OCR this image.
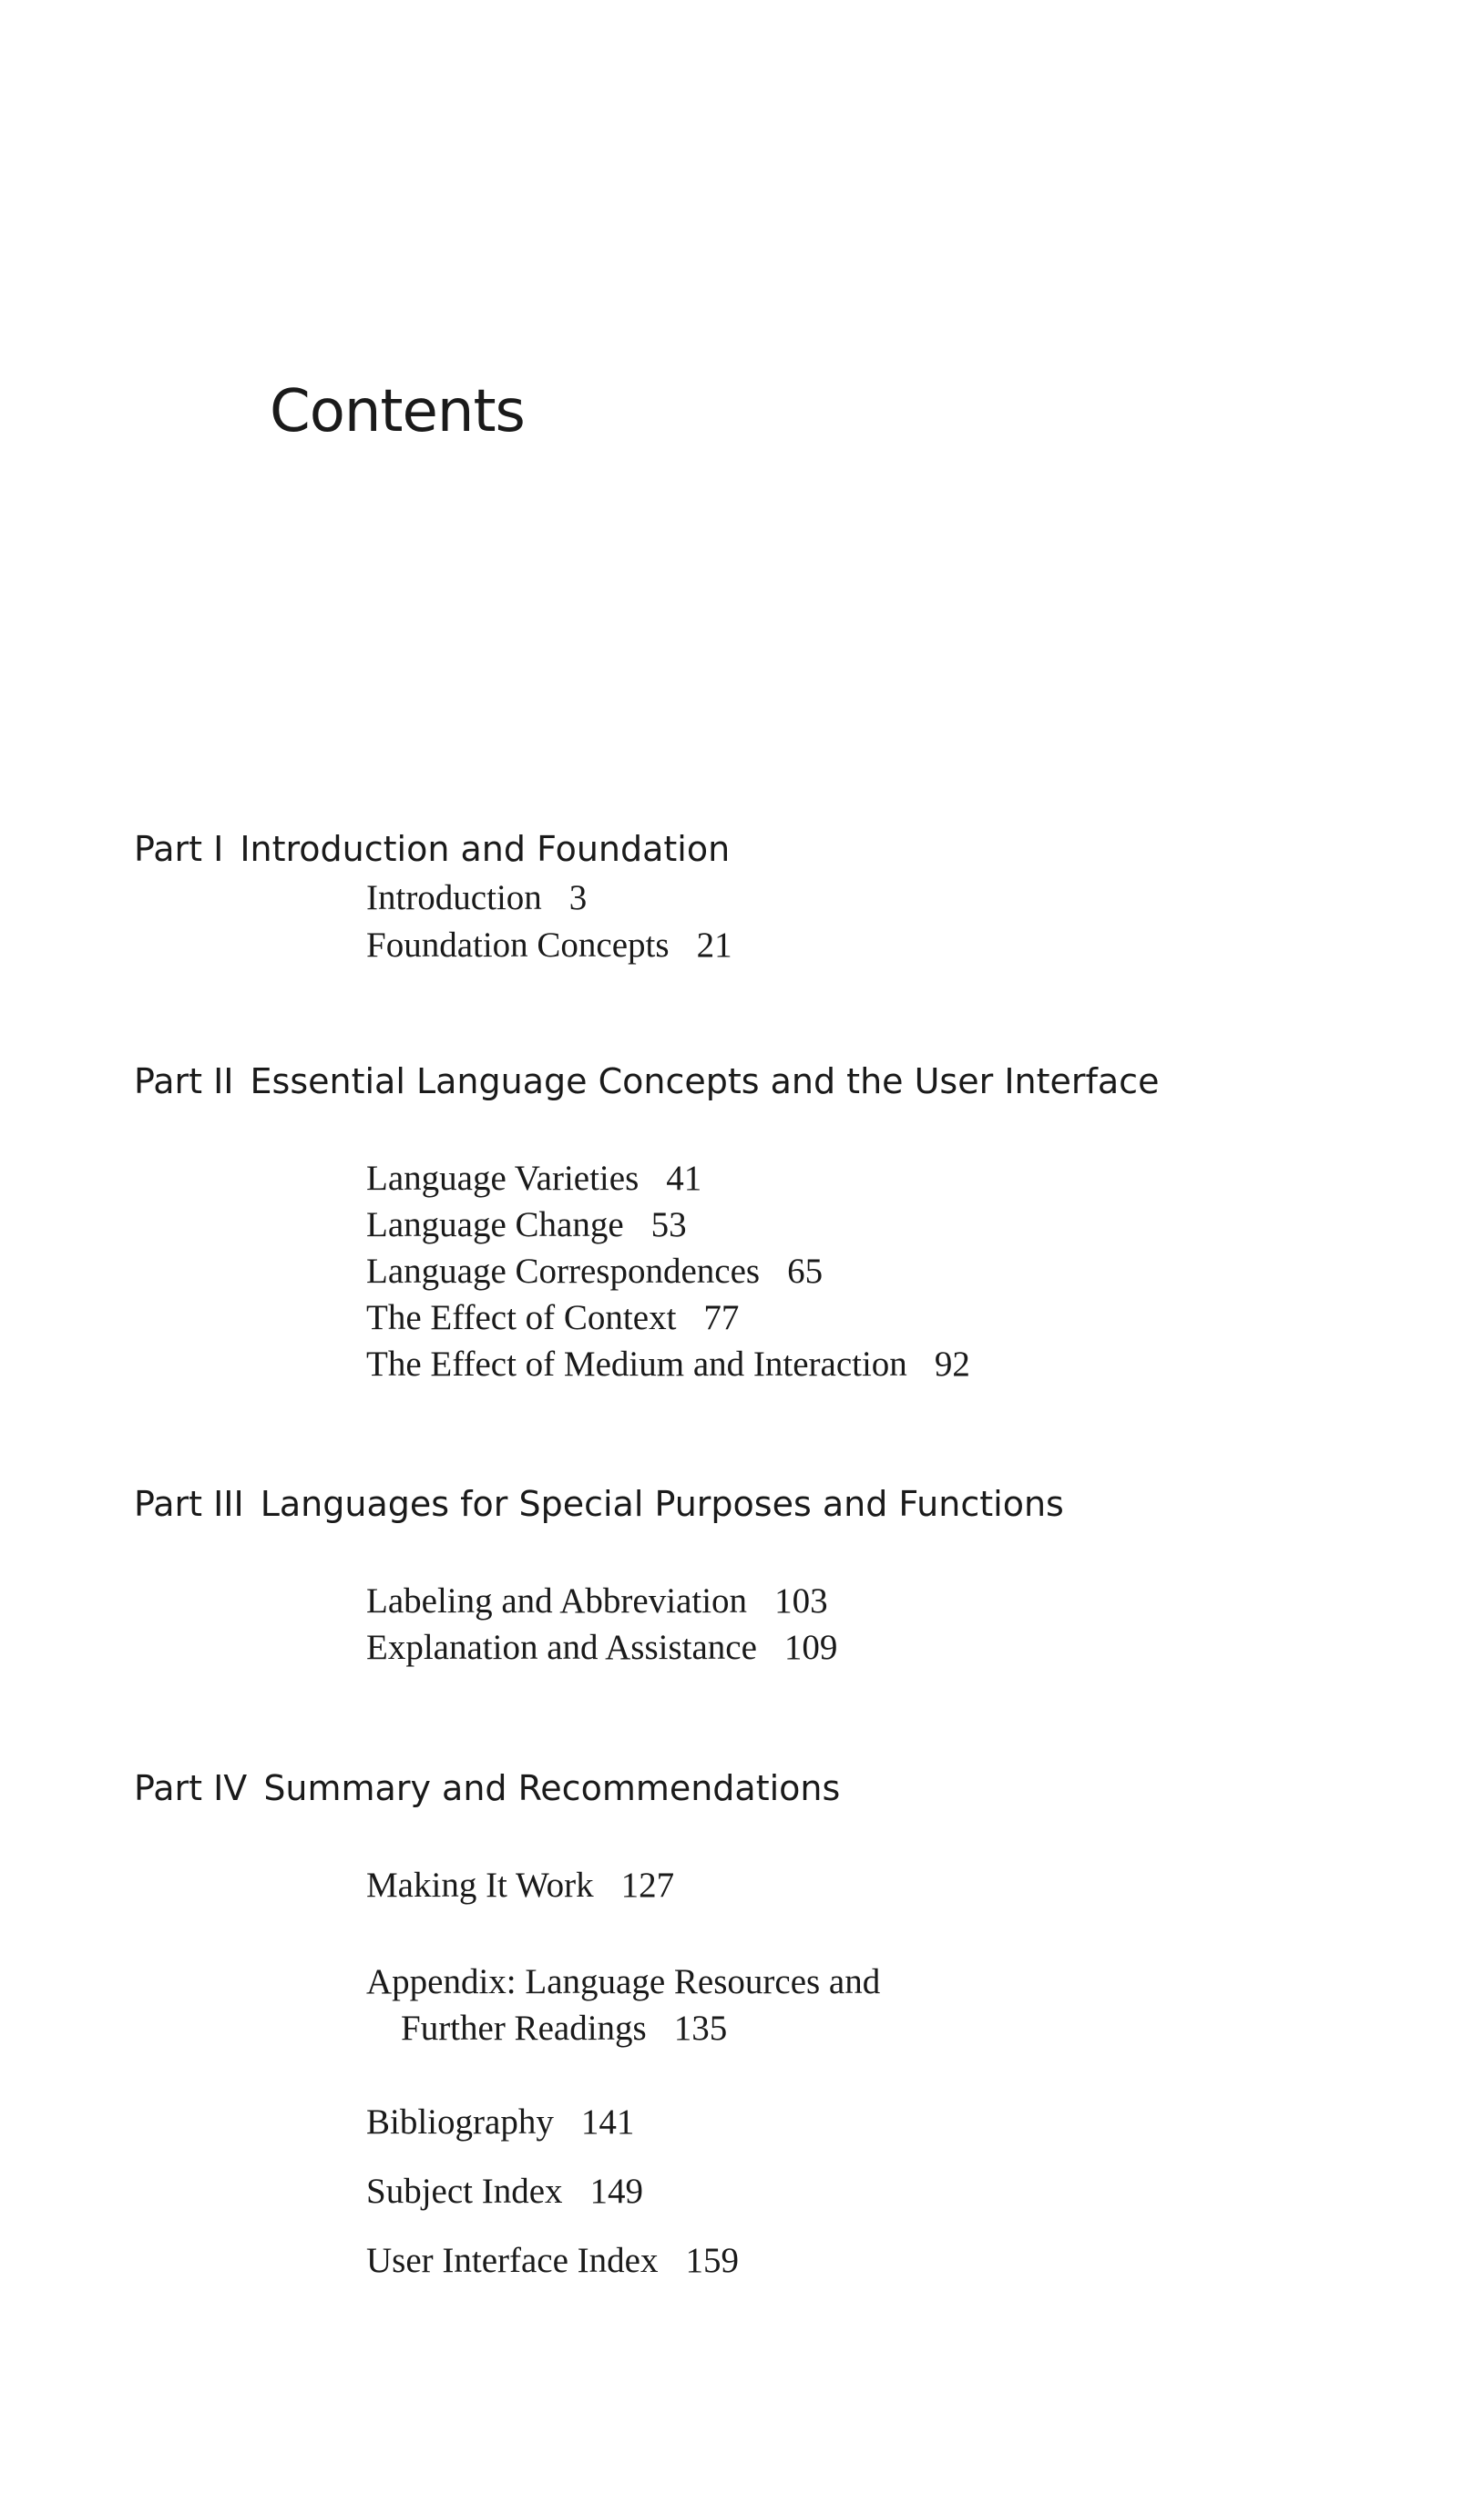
Contents
Part I Introduction and Foundation
Introduction 3
Foundation Concepts 21
Part II Essential Language Concepts and the User Interface
Language Varieties 41
Language Change 53
Language Correspondences 65
The Effect of Context 77
The Effect of Medium and Interaction 92
Part III Languages for Special Purposes and Functions
Labeling and Abbreviation 103
Explanation and Assistance 109
Part IV Summary and Recommendations
Making It Work 127
Appendix: Language Resources and
Further Readings 135
Bibliography 141
Subject Index 149
User Interface Index 159
